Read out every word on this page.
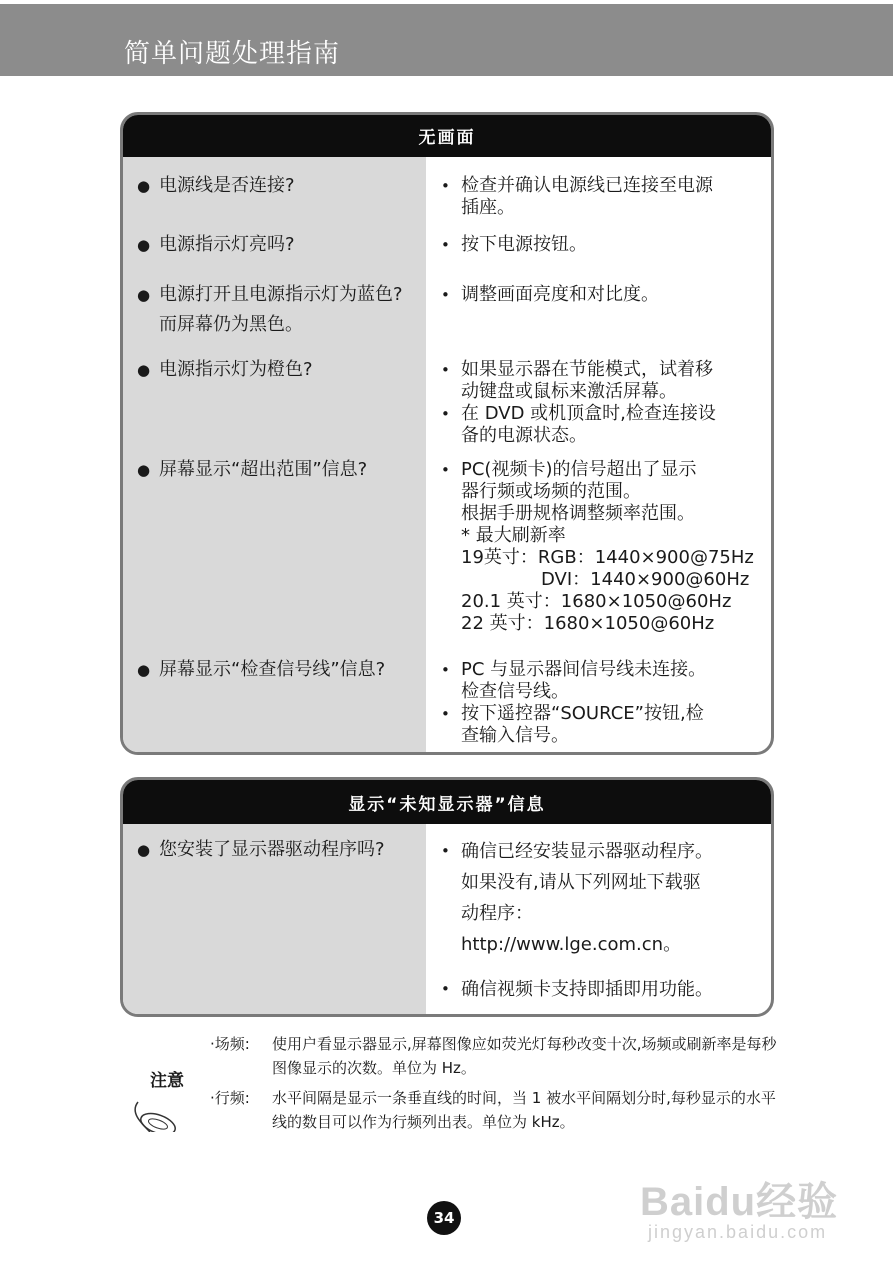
简单问题处理指南
无画面
● 电源线是否连接?	• 检查并确认电源线已连接至电源
插座。
● 电源指示灯亮吗?	• 按下电源按钮。
● 电源打开且电源指示灯为蓝色?而屏幕仍为黑色。
• 调整画面亮度和对比度。
● 电源指示灯为橙色?	• 如果显示器在节能模式，试着移
动键盘或鼠标来激活屏幕。
• 在 DVD 或机顶盒时,检查连接设
备的电源状态。
● 屏幕显示“超出范围”信息?	• PC(视频卡)的信号超出了显示
器行频或场频的范围。
根据手册规格调整频率范围。
* 最大刷新率
19英寸：RGB：1440×900@75Hz
DVI：1440×900@60Hz
20.1 英寸：1680×1050@60Hz
22 英寸：1680×1050@60Hz
● 屏幕显示“检查信号线”信息?	• PC 与显示器间信号线未连接。
检查信号线。
• 按下遥控器“SOURCE”按钮,检
查输入信号。
显示“未知显示器”信息
● 您安装了显示器驱动程序吗?	• 确信已经安装显示器驱动程序。
如果没有,请从下列网址下载驱
动程序：
http://www.lge.com.cn。
• 确信视频卡支持即插即用功能。
注意
·场频: 使用户看显示器显示,屏幕图像应如荧光灯每秒改变十次,场频或刷新率是每秒图像显示的次数。单位为 Hz。
·行频: 水平间隔是显示一条垂直线的时间，当 1 被水平间隔划分时,每秒显示的水平线的数目可以作为行频列出表。单位为 kHz。
34	Baidu经验
jingyan.baidu.com
